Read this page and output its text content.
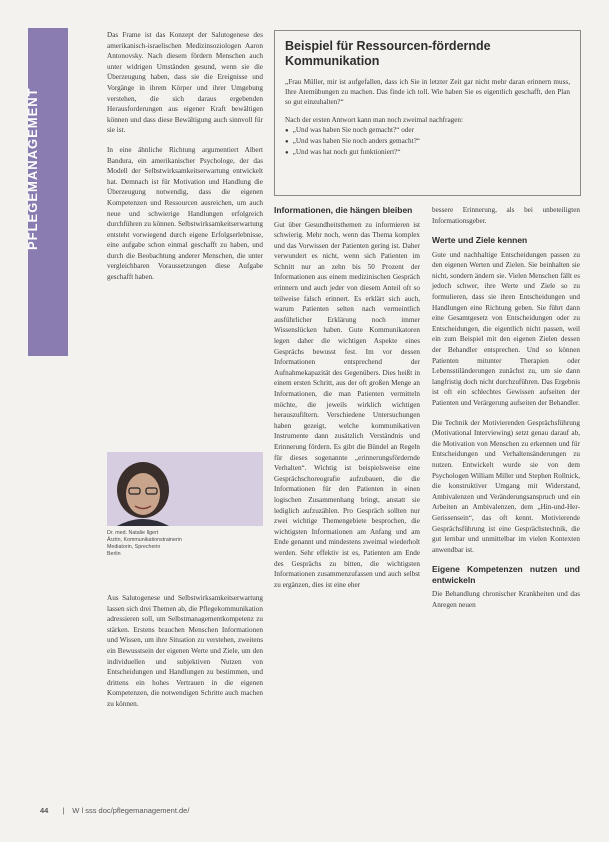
PFLEGEMANAGEMENT

Das Frame ist das Konzept der Salutogenese des amerikanisch-israelischen Medizinsoziologen Aaron Antonovsky. Nach diesem fördern Menschen auch unter widrigen Umständen gesund, wenn sie die Überzeugung haben, dass sie die Ereignisse und Vorgänge in ihrem Körper und ihrer Umgebung verstehen, die sich daraus ergebenden Herausforderungen aus eigener Kraft bewältigen können und dass diese Bewältigung auch sinnvoll für sie ist.

In eine ähnliche Richtung argumentiert Albert Bandura, ein amerikanischer Psychologe, der das Modell der Selbstwirksamkeitserwartung entwickelt hat. Demnach ist für Motivation und Handlung die Überzeugung notwendig, dass die eigenen Kompetenzen und Ressourcen ausreichen, um auch neue und schwierige Handlungen erfolgreich durchführen zu können. Selbstwirksamkeitserwartung entsteht vorwiegend durch eigene Erfolgserlebnisse, eine aufgabe schon einmal geschafft zu haben, und durch die Beobachtung anderer Menschen, die unter vergleichbaren Voraussetzungen diese Aufgabe geschafft haben.

Dr. med. Natalie Ilgert
Ärztin, Kommunikationstrainerin
Mediatorin, Sprecherin
Berlin

Aus Salutogenese und Selbstwirksamkeitserwartung lassen sich drei Themen ab, die Pflegekommunikation adressieren soll, um Selbstmanagementkompetenz zu stärken. Erstens brauchen Menschen Informationen und Wissen, um ihre Situation zu verstehen, zweitens ein Bewusstsein der eigenen Werte und Ziele, um den individuellen und subjektiven Nutzen von Entscheidungen und Handlungen zu bestimmen, und drittens ein hohes Vertrauen in die eigenen Kompetenzen, die notwendigen Schritte auch machen zu können.

Beispiel für Ressourcen-fördernde Kommunikation
„Frau Müller, mir ist aufgefallen, dass ich Sie in letzter Zeit gar nicht mehr daran erinnern muss, Ihre Atemübungen zu machen. Das finde ich toll. Wie haben Sie es eigentlich geschafft, den Plan so gut einzuhalten?“
Nach der ersten Antwort kann man noch zweimal nachfragen:
● „Und was haben Sie noch gemacht?“ oder
● „Und was haben Sie noch anders gemacht?“
● „Und was hat noch gut funktioniert?“
Informationen, die hängen bleiben

Gut über Gesundheitsthemen zu informieren ist schwierig. Mehr noch, wenn das Thema komplex und das Vorwissen der Patienten gering ist. Daher verwundert es nicht, wenn sich Patienten im Schnitt nur an zehn bis 50 Prozent der Informationen aus einem medizinischen Gespräch erinnern und auch jeder von diesem Anteil oft so teilweise falsch erinnert. Es erklärt sich auch, warum Patienten selten nach vermeintlich ausführlicher Erklärung noch immer Wissenslücken haben. Gute Kommunikatoren legen daher die wichtigen Aspekte eines Gesprächs bewusst fest. Im vor dessen Informationen entsprechend der Aufnahmekapazität des Gegenübers. Dies heißt in einem ersten Schritt, aus der oft großen Menge an Informationen, die man Patienten vermitteln möchte, die jeweils wirklich wichtigen herauszufiltern. Verschiedene Untersuchungen haben gezeigt, welche kommunikativen Instrumente dann zusätzlich Verständnis und Erinnerung fördern. Es gibt die Bündel an Regeln für dieses sogenannte „erinnerungsfördernde Verhalten“. Wichtig ist beispielsweise eine Gesprächschoreografie aufzubauen, die die Informationen für den Patienten in einen logischen Zusammenhang bringt, anstatt sie lediglich aufzuzählen. Pro Gespräch sollten nur zwei wichtige Themengebiete besprochen, die wichtigsten Informationen am Anfang und am Ende genannt und mindestens zweimal wiederholt werden. Sehr effektiv ist es, Patienten am Ende des Gesprächs zu bitten, die wichtigsten Informationen zusammenzufassen und auch selbst zu ergänzen, dies ist eine eher

bessere Erinnerung, als bei unbeteiligten Informationsgeber.

Werte und Ziele kennen

Gute und nachhaltige Entscheidungen passen zu den eigenen Werten und Zielen. Sie beinhalten sie nicht, sondern ändern sie. Vielen Menschen fällt es jedoch schwer, ihre Werte und Ziele so zu formulieren, dass sie ihren Entscheidungen und Handlungen eine Richtung geben. Sie führt dann eine Gesamtgesetz von Entscheidungen oder zu Entscheidungen, die eigentlich nicht passen, weil ein zum Beispiel mit den eigenen Zielen dessen der Behandler entsprechen. Und so können Patienten mitunter Therapien oder Lebensstiländerungen zunächst zu, um sie dann langfristig doch nicht durchzuführen. Das Ergebnis ist oft ein schlechtes Gewissen aufseiten der Patienten und Verärgerung aufseiten der Behandler.

Die Technik der Motivierenden Gesprächsführung (Motivational Interviewing) setzt genau darauf ab, die Motivation von Menschen zu erkennen und für Entscheidungen und Verhaltensänderungen zu nutzen. Entwickelt wurde sie von dem Psychologen William Miller und Stephen Rollnick, die konstruktiver Umgang mit Widerstand, Ambivalenzen und Veränderungsanspruch und ein Arbeiten an Ambivalenzen, dem „Hin-und-Her-Gerissensein“, das oft kennt. Motivierende Gesprächsführung ist eine Gesprächstechnik, die gut lernbar und unmittelbar im vielen Kontexten anwendbar ist.

Eigene Kompetenzen nutzen und entwickeln

Die Behandlung chronischer Krankheiten und das Anregen neuen

44 | W l sss doc/pflegemanagement.de/
